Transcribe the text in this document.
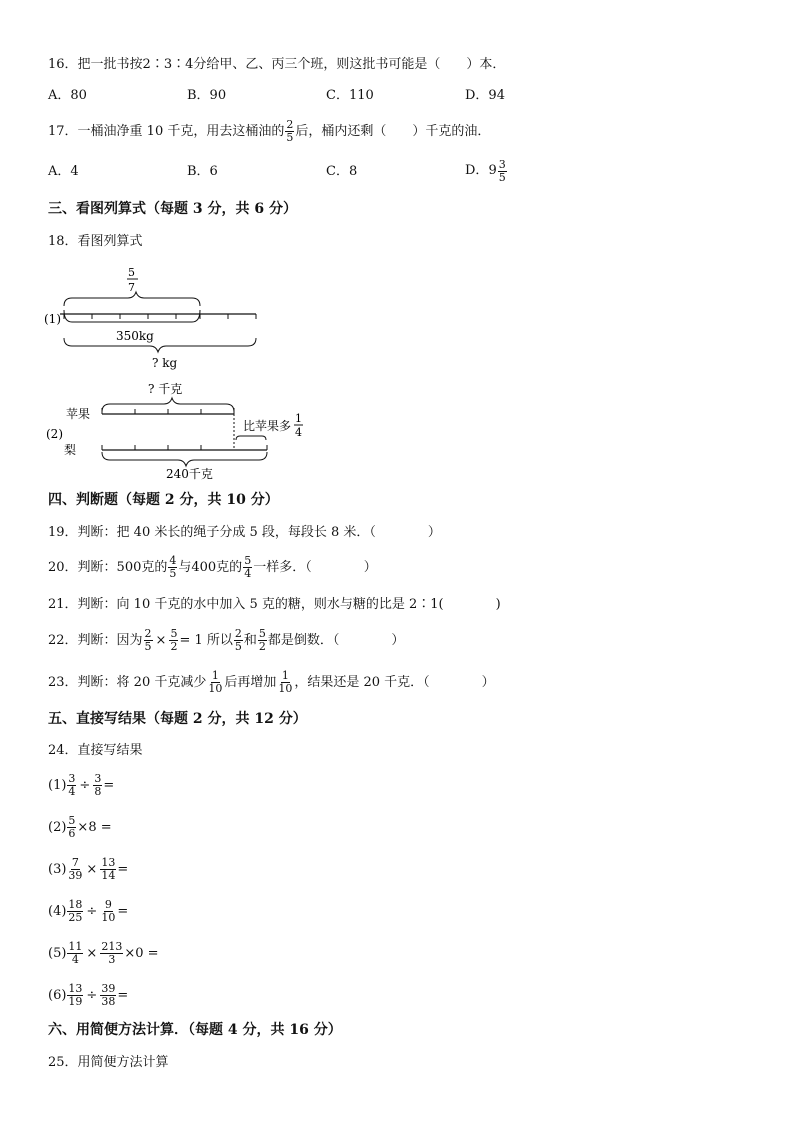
16．把一批书按2∶3∶4分给甲、乙、丙三个班，则这批书可能是（　　）本．
A．80	B．90	C．110	D．94
17．一桶油净重 10 千克，用去这桶油的 $\frac{2}{5}$ 后，桶内还剩（　　）千克的油．
A．4	B．6	C．8	D． $9 \frac{3}{5}$
三、看图列算式（每题 3 分，共 6 分）
18．看图列算式
5
7
(1)
350kg
? kg
? 千克
苹果
(2)
比苹果多
1
4
梨
240千克
四、判断题（每题 2 分，共 10 分）
19．判断：把 40 米长的绳子分成 5 段，每段长 8 米．（　　　　）
20．判断：500克的 $\frac{4}{5}$ 与400克的 $\frac{5}{4}$ 一样多．（　　　　）
21．判断：向 10 千克的水中加入 5 克的糖，则水与糖的比是 2∶1(　　　　)
22．判断：因为 $\frac{2}{5} \times \frac{5}{2} = 1$ 所以 $\frac{2}{5}$ 和 $\frac{5}{2}$ 都是倒数．（　　　　）
23．判断：将 20 千克减少 $\frac{1}{10}$ 后再增加 $\frac{1}{10}$ ，结果还是 20 千克．（　　　　）
五、直接写结果（每题 2 分，共 12 分）
24．直接写结果
$(1) \frac{3}{4} \div \frac{3}{8}$ =
$(2) \frac{5}{6} \times 8$ =
$(3) \frac{7}{39} \times \frac{13}{14}$ =
$(4) \frac{18}{25} \div \frac{9}{10}$ =
$(5) \frac{11}{4} \times \frac{213}{3} \times 0$ =
$(6) \frac{13}{19} \div \frac{39}{38}$ =
六、用简便方法计算．（每题 4 分，共 16 分）
25．用简便方法计算
